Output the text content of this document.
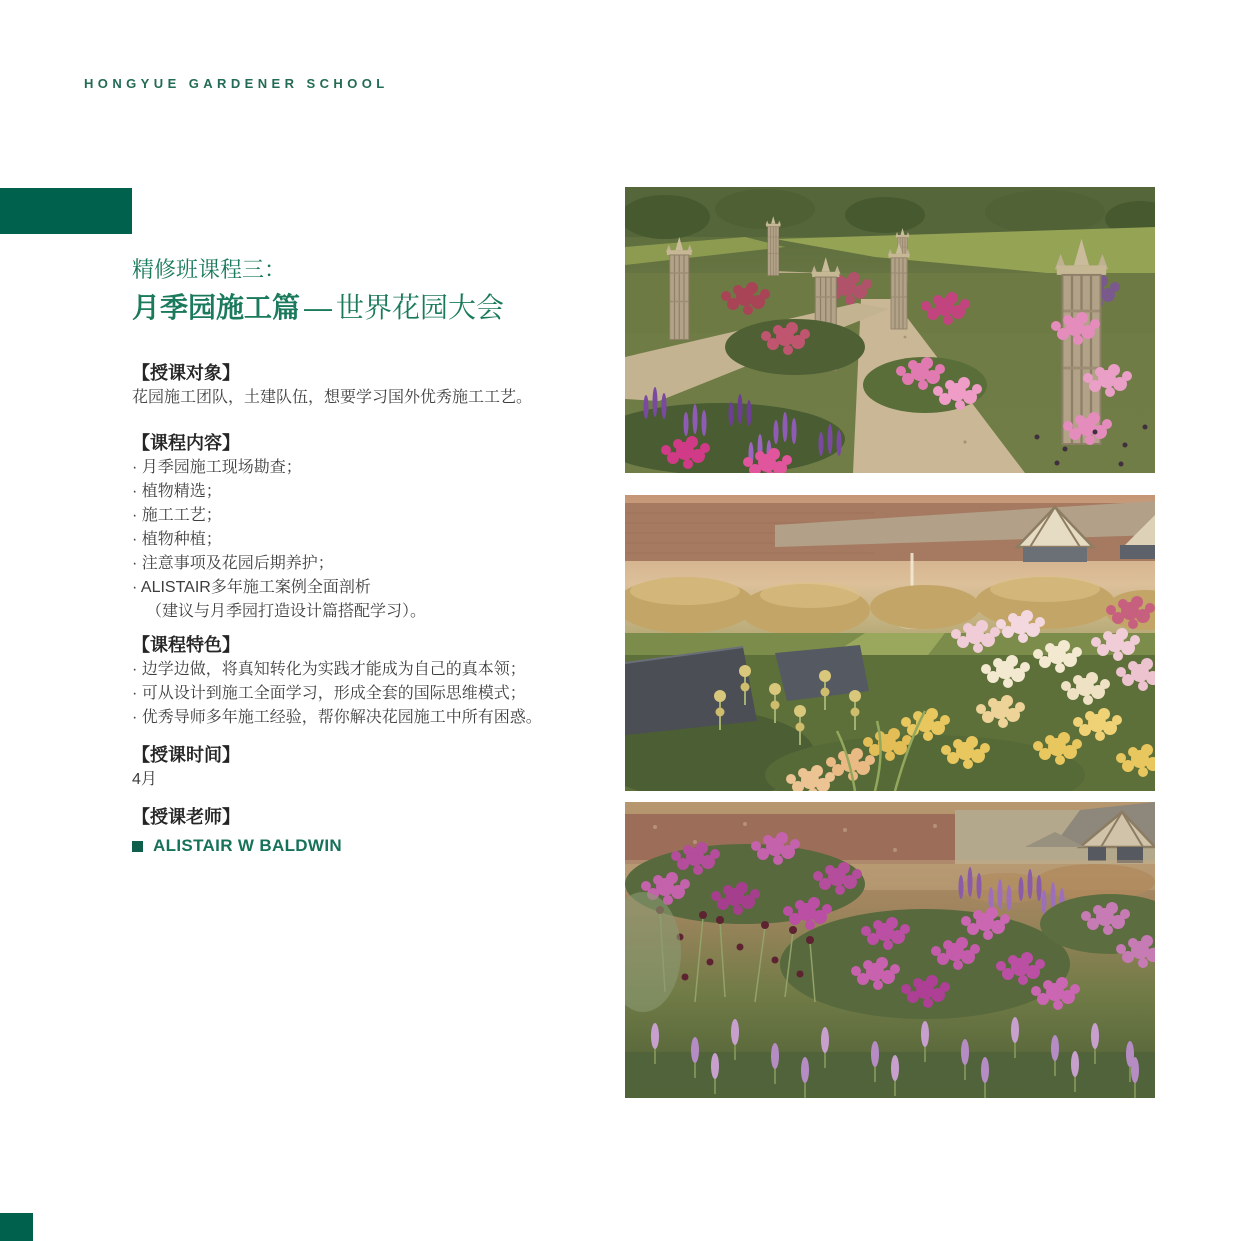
HONGYUE GARDENER SCHOOL
精修班课程三：
月季园施工篇 — 世界花园大会
【授课对象】
花园施工团队，土建队伍，想要学习国外优秀施工工艺。
【课程内容】
· 月季园施工现场勘查；
· 植物精选；
· 施工工艺；
· 植物种植；
· 注意事项及花园后期养护；
· ALISTAIR多年施工案例全面剖析
（建议与月季园打造设计篇搭配学习）。
【课程特色】
· 边学边做，将真知转化为实践才能成为自己的真本领；
· 可从设计到施工全面学习，形成全套的国际思维模式；
· 优秀导师多年施工经验，帮你解决花园施工中所有困惑。
【授课时间】
4月
【授课老师】
ALISTAIR W BALDWIN
